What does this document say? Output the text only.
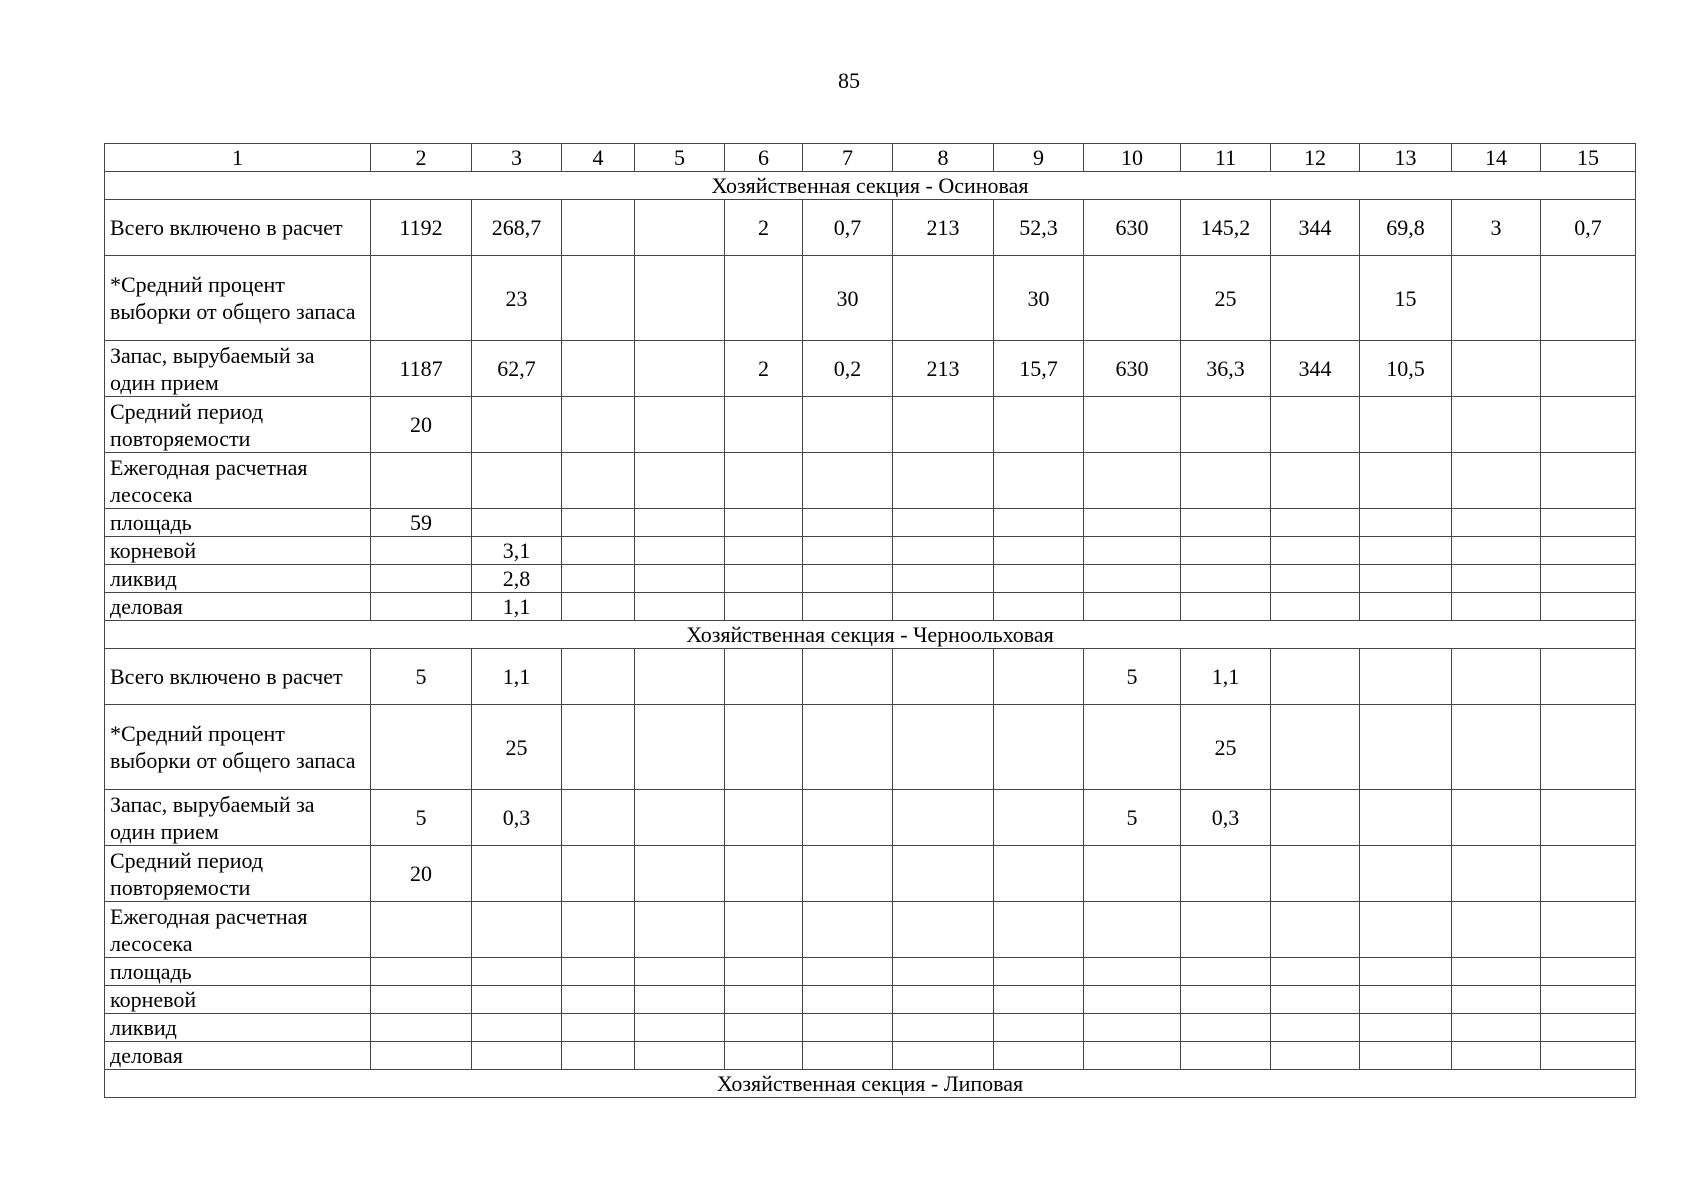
85
1	2	3	4	5	6	7	8	9	10	11	12	13	14	15
Хозяйственная секция - Осиновая														
Всего включено в расчет	1192	268,7			2	0,7	213	52,3	630	145,2	344	69,8	3	0,7
*Средний процент выборки от общего запаса		23				30		30		25		15		
Запас, вырубаемый за один прием	1187	62,7			2	0,2	213	15,7	630	36,3	344	10,5		
Средний период повторяемости	20													
Ежегодная расчетная лесосека														
площадь	59													
корневой		3,1												
ликвид		2,8												
деловая		1,1												
Хозяйственная секция - Черноольховая														
Всего включено в расчет	5	1,1							5	1,1				
*Средний процент выборки от общего запаса		25								25				
Запас, вырубаемый за один прием	5	0,3							5	0,3				
Средний период повторяемости	20													
Ежегодная расчетная лесосека														
площадь														
корневой														
ликвид														
деловая														
Хозяйственная секция - Липовая														
